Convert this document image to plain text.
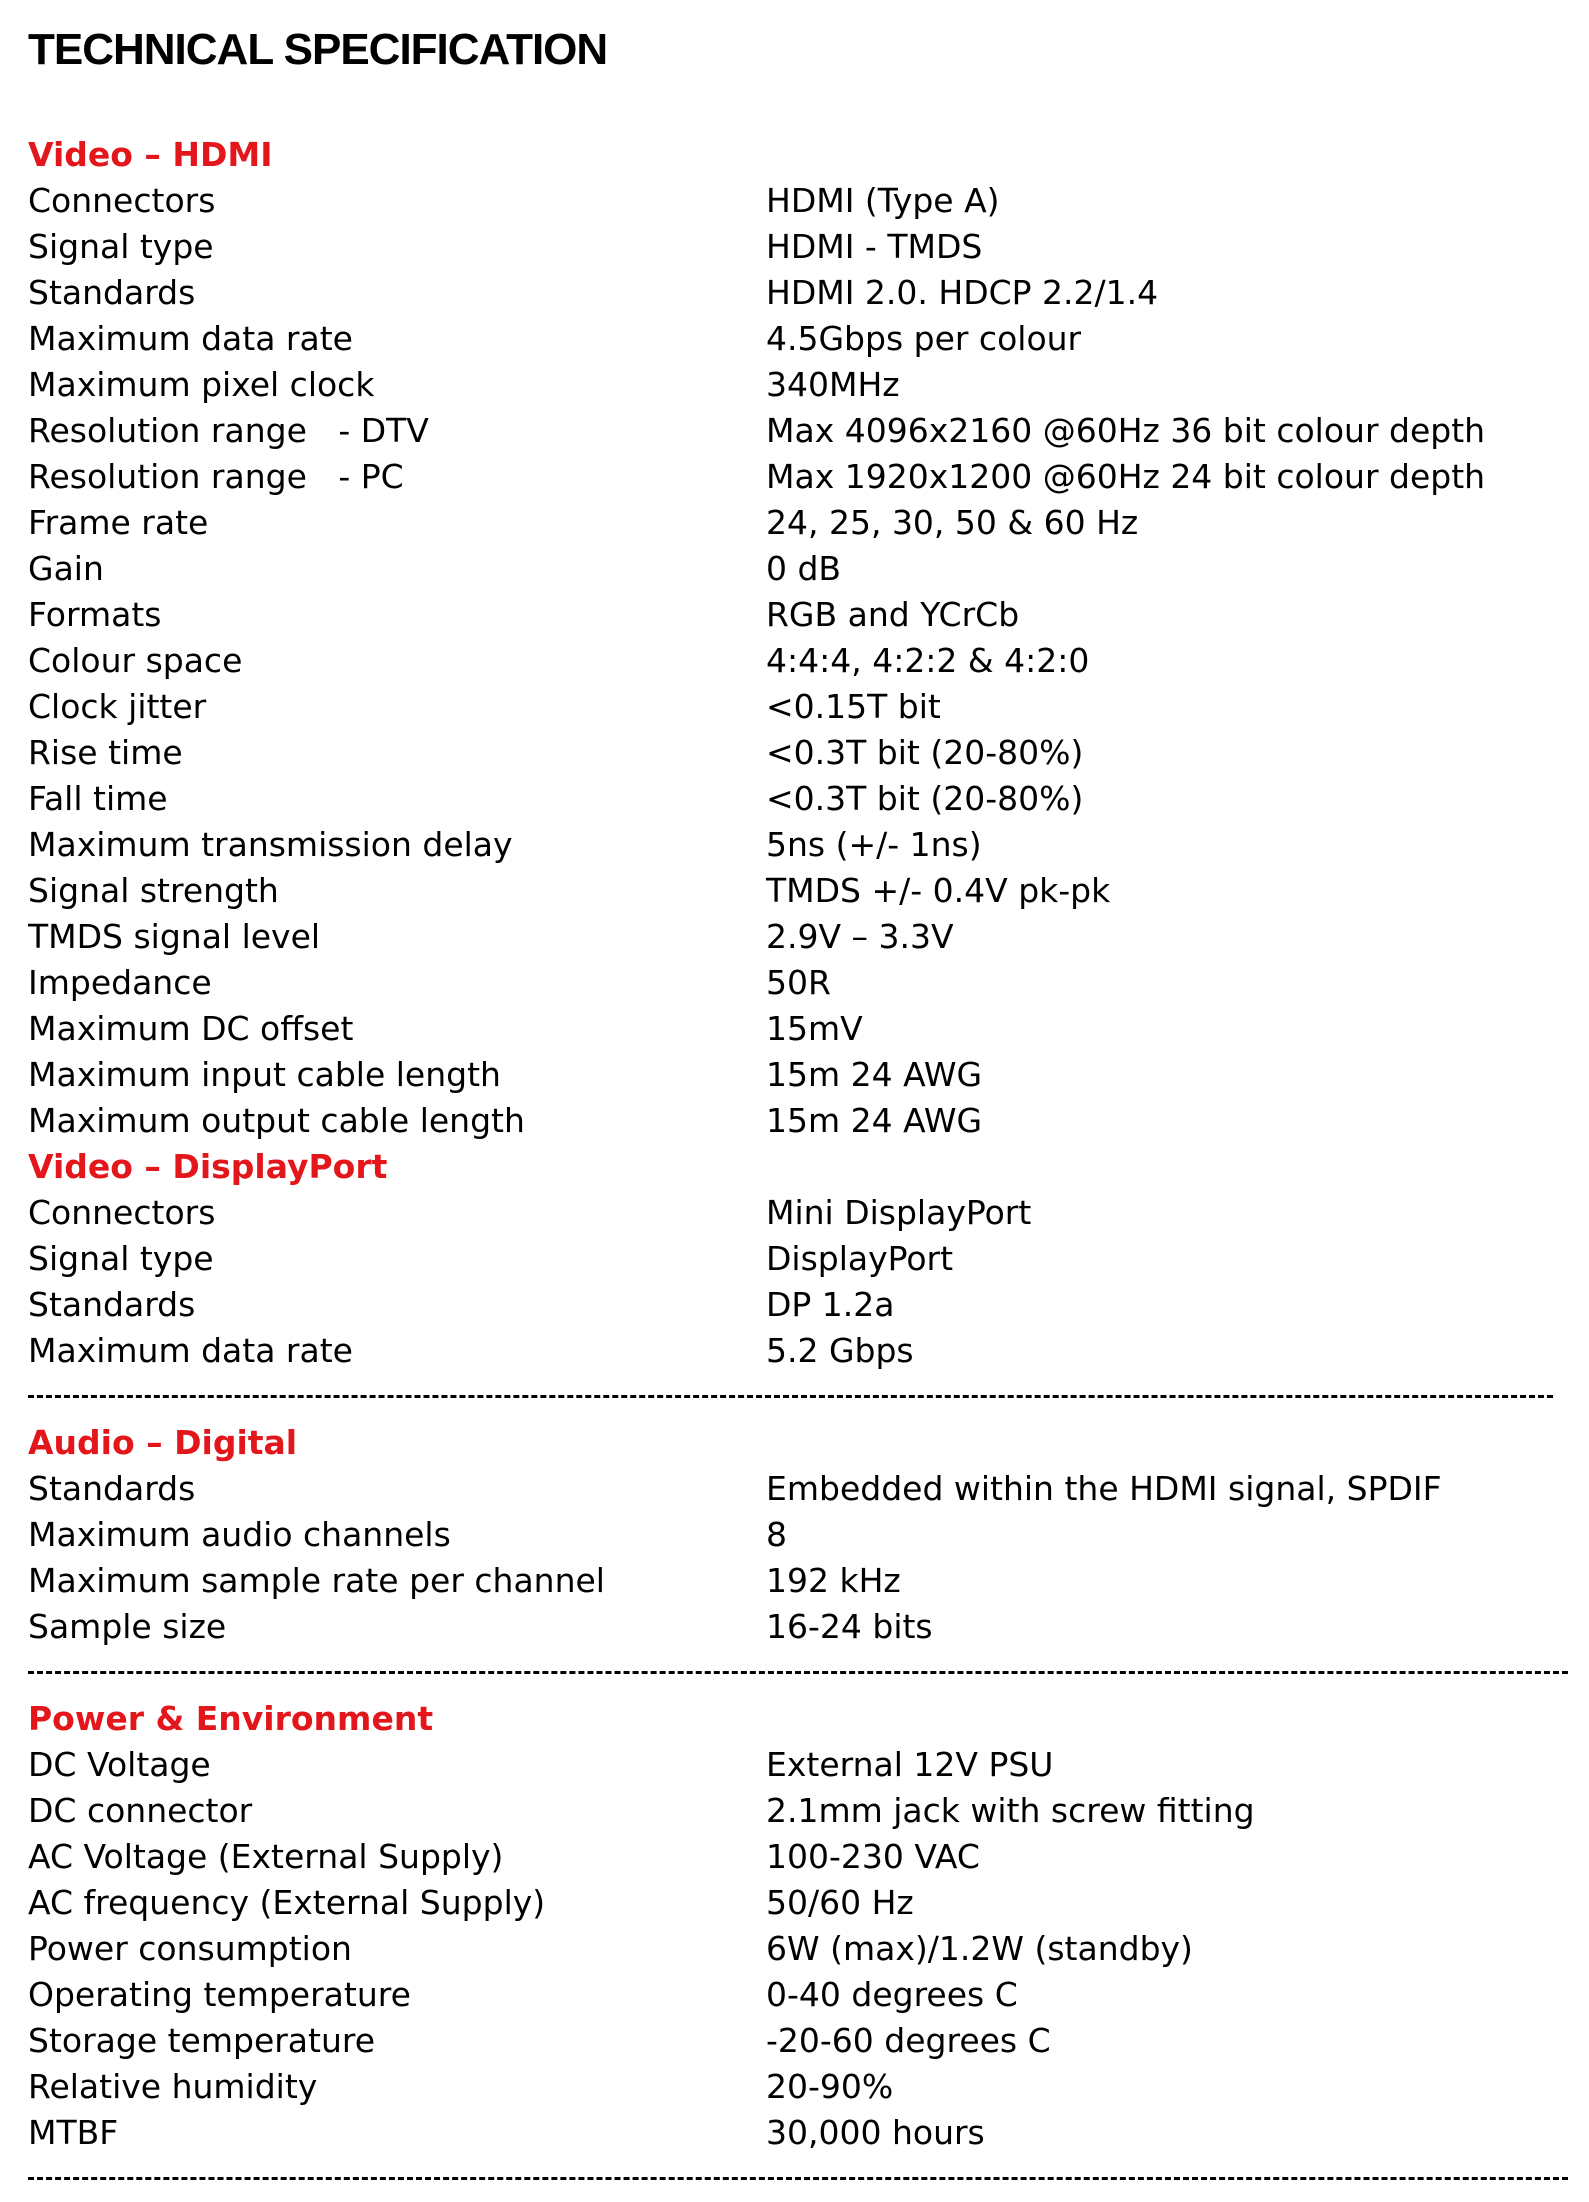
TECHNICAL SPECIFICATION
Video – HDMI
Connectors	HDMI (Type A)
Signal type	HDMI - TMDS
Standards	HDMI 2.0. HDCP 2.2/1.4
Maximum data rate	4.5Gbps per colour
Maximum pixel clock	340MHz
Resolution range   - DTV	Max 4096x2160 @60Hz 36 bit colour depth
Resolution range   - PC	Max 1920x1200 @60Hz 24 bit colour depth
Frame rate	24, 25, 30, 50 & 60 Hz
Gain	0 dB
Formats	RGB and YCrCb
Colour space	4:4:4, 4:2:2 & 4:2:0
Clock jitter	<0.15T bit
Rise time	<0.3T bit (20-80%)
Fall time	<0.3T bit (20-80%)
Maximum transmission delay	5ns (+/- 1ns)
Signal strength	TMDS +/- 0.4V pk-pk
TMDS signal level	2.9V – 3.3V
Impedance	50R
Maximum DC offset	15mV
Maximum input cable length	15m 24 AWG
Maximum output cable length	15m 24 AWG
Video – DisplayPort
Connectors	Mini DisplayPort
Signal type	DisplayPort
Standards	DP 1.2a
Maximum data rate	5.2 Gbps
Audio – Digital
Standards	Embedded within the HDMI signal, SPDIF
Maximum audio channels	8
Maximum sample rate per channel	192 kHz
Sample size	16-24 bits
Power & Environment
DC Voltage	External 12V PSU
DC connector	2.1mm jack with screw fitting
AC Voltage (External Supply)	100-230 VAC
AC frequency (External Supply)	50/60 Hz
Power consumption	6W (max)/1.2W (standby)
Operating temperature	0-40 degrees C
Storage temperature	-20-60 degrees C
Relative humidity	20-90%
MTBF	30,000 hours
